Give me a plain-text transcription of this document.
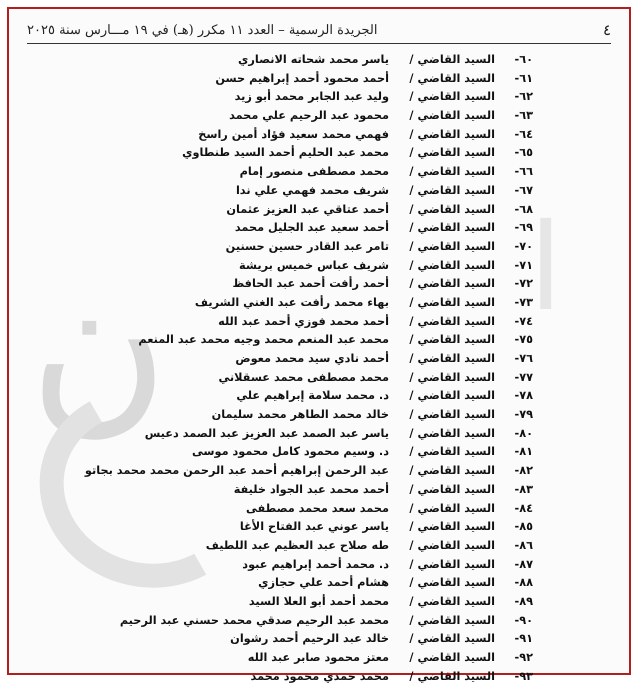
ن	ا
الجريدة الرسمية – العدد ١١ مكرر (هـ) في ١٩ مـــارس سنة ٢٠٢٥	٤
٦٠-
السيد القاضي /
ياسر محمد شحاته الانصاري
٦١-
السيد القاضي /
أحمد محمود أحمد إبراهيم حسن
٦٢-
السيد القاضي /
وليد عبد الجابر محمد أبو زيد
٦٣-
السيد القاضي /
محمود عبد الرحيم علي محمد
٦٤-
السيد القاضي /
فهمي محمد سعيد فؤاد أمين راسخ
٦٥-
السيد القاضي /
محمد عبد الحليم أحمد السيد طنطاوي
٦٦-
السيد القاضي /
محمد مصطفى منصور إمام
٦٧-
السيد القاضي /
شريف محمد فهمي علي ندا
٦٨-
السيد القاضي /
أحمد عتاقي عبد العزيز عثمان
٦٩-
السيد القاضي /
أحمد سعيد عبد الجليل محمد
٧٠-
السيد القاضي /
تامر عبد القادر حسين حسنين
٧١-
السيد القاضي /
شريف عباس خميس بريشة
٧٢-
السيد القاضي /
أحمد رأفت أحمد عبد الحافظ
٧٣-
السيد القاضي /
بهاء محمد رأفت عبد الغني الشريف
٧٤-
السيد القاضي /
أحمد محمد فوزي أحمد عبد الله
٧٥-
السيد القاضي /
محمد عبد المنعم محمد وجيه محمد عبد المنعم
٧٦-
السيد القاضي /
أحمد نادي سيد محمد معوض
٧٧-
السيد القاضي /
محمد مصطفى محمد عسقلاني
٧٨-
السيد القاضي /
د. محمد سلامة إبراهيم علي
٧٩-
السيد القاضي /
خالد محمد الطاهر محمد سليمان
٨٠-
السيد القاضي /
ياسر عبد الصمد عبد العزيز عبد الصمد دعيس
٨١-
السيد القاضي /
د. وسيم محمود كامل محمود موسى
٨٢-
السيد القاضي /
عبد الرحمن إبراهيم أحمد عبد الرحمن محمد محمد بجاتو
٨٣-
السيد القاضي /
أحمد محمد عبد الجواد خليفة
٨٤-
السيد القاضي /
محمد سعد محمد مصطفى
٨٥-
السيد القاضي /
ياسر عوني عبد الفتاح الأغا
٨٦-
السيد القاضي /
طه صلاح عبد العظيم عبد اللطيف
٨٧-
السيد القاضي /
د. محمد أحمد إبراهيم عبود
٨٨-
السيد القاضي /
هشام أحمد علي حجازي
٨٩-
السيد القاضي /
محمد أحمد أبو العلا السيد
٩٠-
السيد القاضي /
محمد عبد الرحيم صدقي محمد حسني عبد الرحيم
٩١-
السيد القاضي /
خالد عبد الرحيم أحمد رشوان
٩٢-
السيد القاضي /
معتز محمود صابر عبد الله
٩٣-
السيد القاضي /
محمد حمدي محمود محمد
